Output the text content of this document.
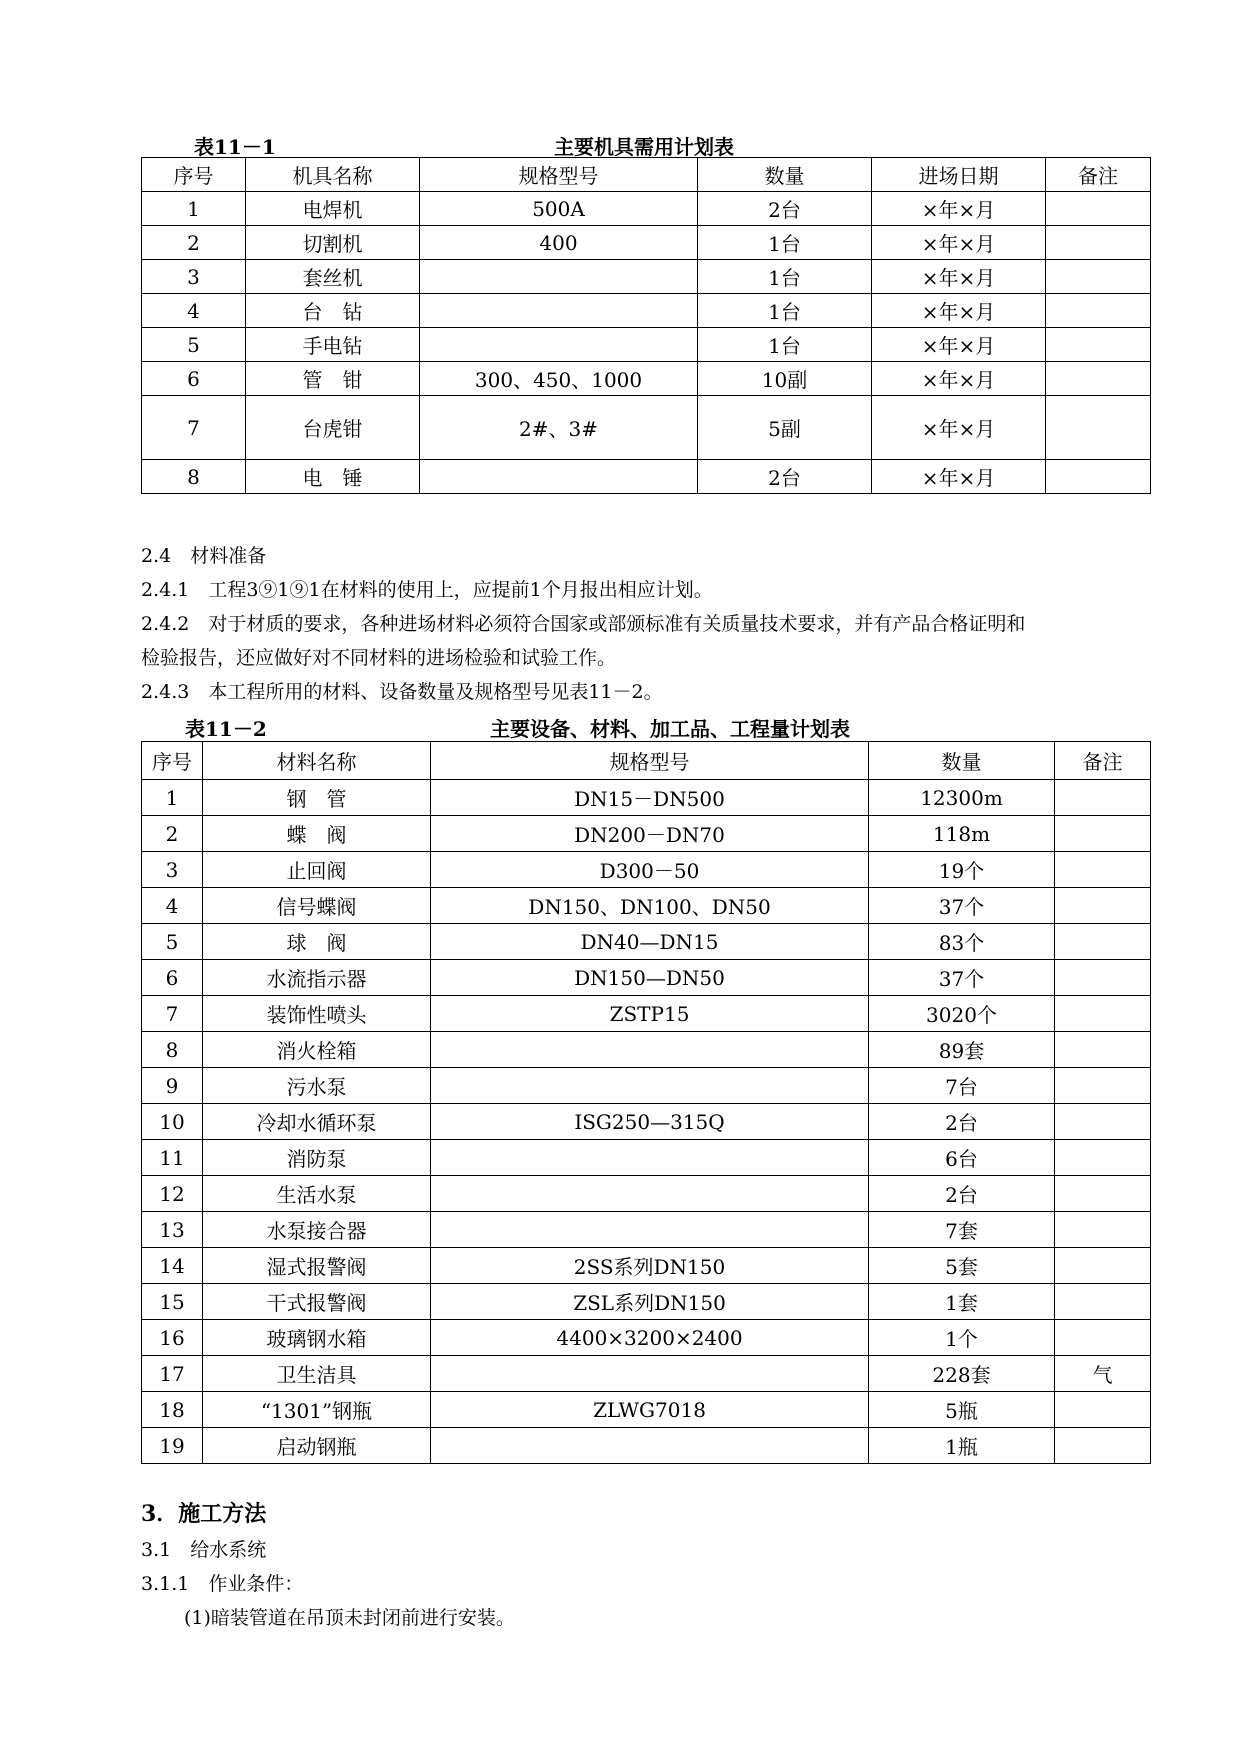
表11－1	主要机具需用计划表
序号	机具名称	规格型号	数量	进场日期	备注
1	电焊机	500A	2台	×年×月	
2	切割机	400	1台	×年×月	
3	套丝机		1台	×年×月	
4	台　钻		1台	×年×月	
5	手电钻		1台	×年×月	
6	管　钳	300、450、1000	10副	×年×月	
7	台虎钳	2#、3#	5副	×年×月	
8	电　锤		2台	×年×月	
2.4　材料准备
2.4.1　工程3⑨1⑨1在材料的使用上，应提前1个月报出相应计划。
2.4.2　对于材质的要求，各种进场材料必须符合国家或部颁标准有关质量技术要求，并有产品合格证明和
检验报告，还应做好对不同材料的进场检验和试验工作。
2.4.3　本工程所用的材料、设备数量及规格型号见表11－2。
表11－2	主要设备、材料、加工品、工程量计划表
序号	材料名称	规格型号	数量	备注
1	钢　管	DN15－DN500	12300m	
2	蝶　阀	DN200－DN70	118m	
3	止回阀	D300－50	19个	
4	信号蝶阀	DN150、DN100、DN50	37个	
5	球　阀	DN40—DN15	83个	
6	水流指示器	DN150—DN50	37个	
7	装饰性喷头	ZSTP15	3020个	
8	消火栓箱		89套	
9	污水泵		7台	
10	冷却水循环泵	ISG250—315Q	2台	
11	消防泵		6台	
12	生活水泵		2台	
13	水泵接合器		7套	
14	湿式报警阀	2SS系列DN150	5套	
15	干式报警阀	ZSL系列DN150	1套	
16	玻璃钢水箱	4400×3200×2400	1个	
17	卫生洁具		228套	气
18	“1301”钢瓶	ZLWG7018	5瓶	
19	启动钢瓶		1瓶	
3．施工方法
3.1　给水系统
3.1.1　作业条件：
(1)暗装管道在吊顶未封闭前进行安装。
